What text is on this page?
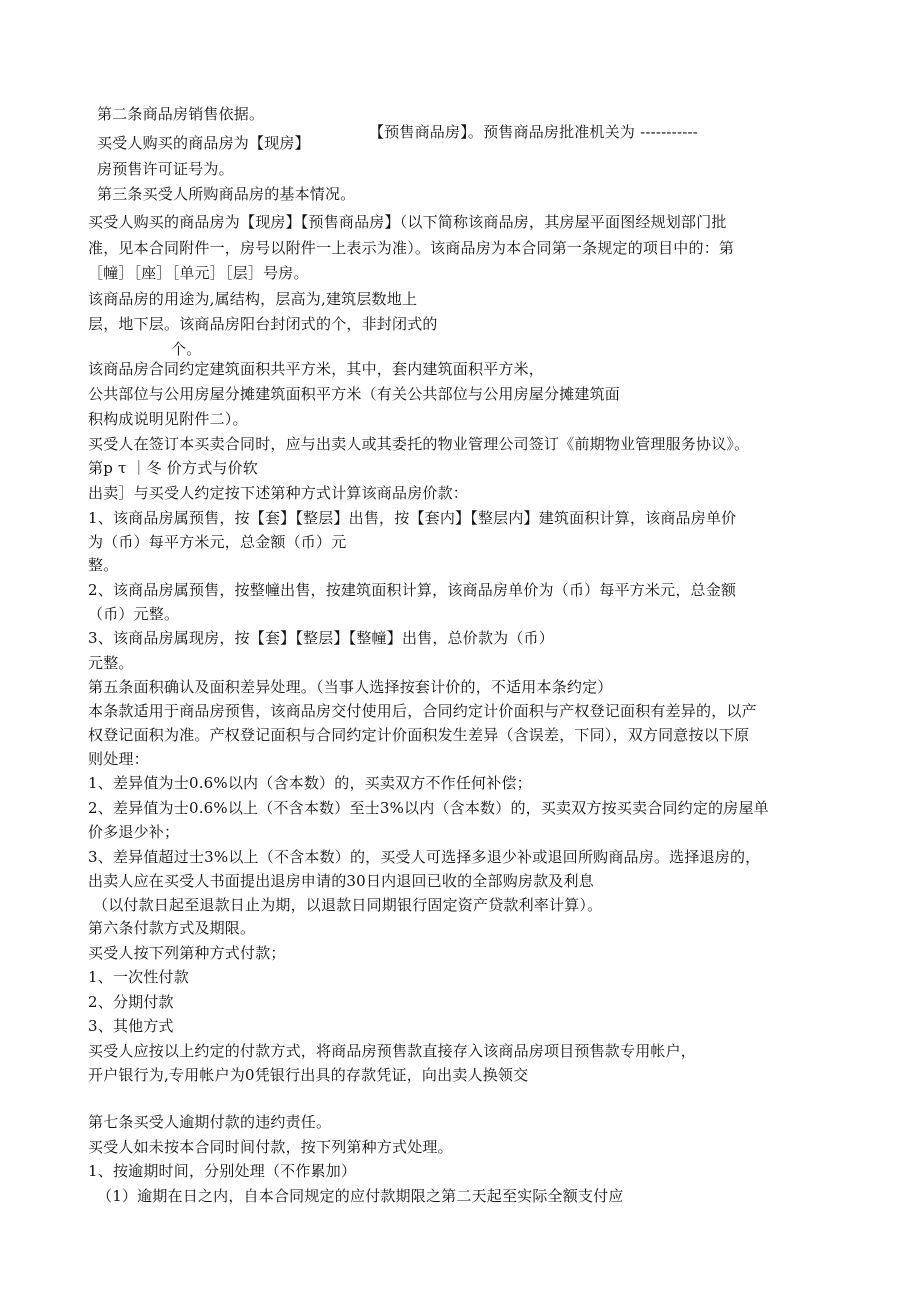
第二条商品房销售依据。
【预售商品房】。预售商品房批准机关为 -----------
买受人购买的商品房为【现房】
房预售许可证号为。
第三条买受人所购商品房的基本情况。
买受人购买的商品房为【现房】【预售商品房】（以下简称该商品房，其房屋平面图经规划部门批
准，见本合同附件一，房号以附件一上表示为准）。该商品房为本合同第一条规定的项目中的：第
［幢］［座］［单元］［层］号房。
该商品房的用途为,属结构，层高为,建筑层数地上
层，地下层。该商品房阳台封闭式的个，非封闭式的
个。
该商品房合同约定建筑面积共平方米，其中，套内建筑面积平方米，
公共部位与公用房屋分摊建筑面积平方米（有关公共部位与公用房屋分摊建筑面
积构成说明见附件二）。
买受人在签订本买卖合同时，应与出卖人或其委托的物业管理公司签订《前期物业管理服务协议》。
第p τ ｜冬 价方式与价软
出卖］与买受人约定按下述第种方式计算该商品房价款：
1、该商品房属预售，按【套】【整层】出售，按【套内】【整层内】建筑面积计算，该商品房单价
为（币）每平方米元，总金额（币）元
整。
2、该商品房属预售，按整幢出售，按建筑面积计算，该商品房单价为（币）每平方米元，总金额
（币）元整。
3、该商品房属现房，按【套】【整层】【整幢】出售，总价款为（币）
元整。
第五条面积确认及面积差异处理。（当事人选择按套计价的，不适用本条约定）
本条款适用于商品房预售，该商品房交付使用后，合同约定计价面积与产权登记面积有差异的，以产
权登记面积为准。产权登记面积与合同约定计价面积发生差异（含误差，下同），双方同意按以下原
则处理：
1、差异值为士0.6%以内（含本数）的，买卖双方不作任何补偿；
2、差异值为士0.6%以上（不含本数）至士3%以内（含本数）的，买卖双方按买卖合同约定的房屋单
价多退少补；
3、差异值超过士3%以上（不含本数）的，买受人可选择多退少补或退回所购商品房。选择退房的，
出卖人应在买受人书面提出退房申请的30日内退回已收的全部购房款及利息
（以付款日起至退款日止为期，以退款日同期银行固定资产贷款利率计算）。
第六条付款方式及期限。
买受人按下列第种方式付款；
1、一次性付款
2、分期付款
3、其他方式
买受人应按以上约定的付款方式，将商品房预售款直接存入该商品房项目预售款专用帐户，
开户银行为,专用帐户为0凭银行出具的存款凭证，向出卖人换领交
第七条买受人逾期付款的违约责任。
买受人如未按本合同时间付款，按下列第种方式处理。
1、按逾期时间，分别处理（不作累加）
（1）逾期在日之内，自本合同规定的应付款期限之第二天起至实际全额支付应
